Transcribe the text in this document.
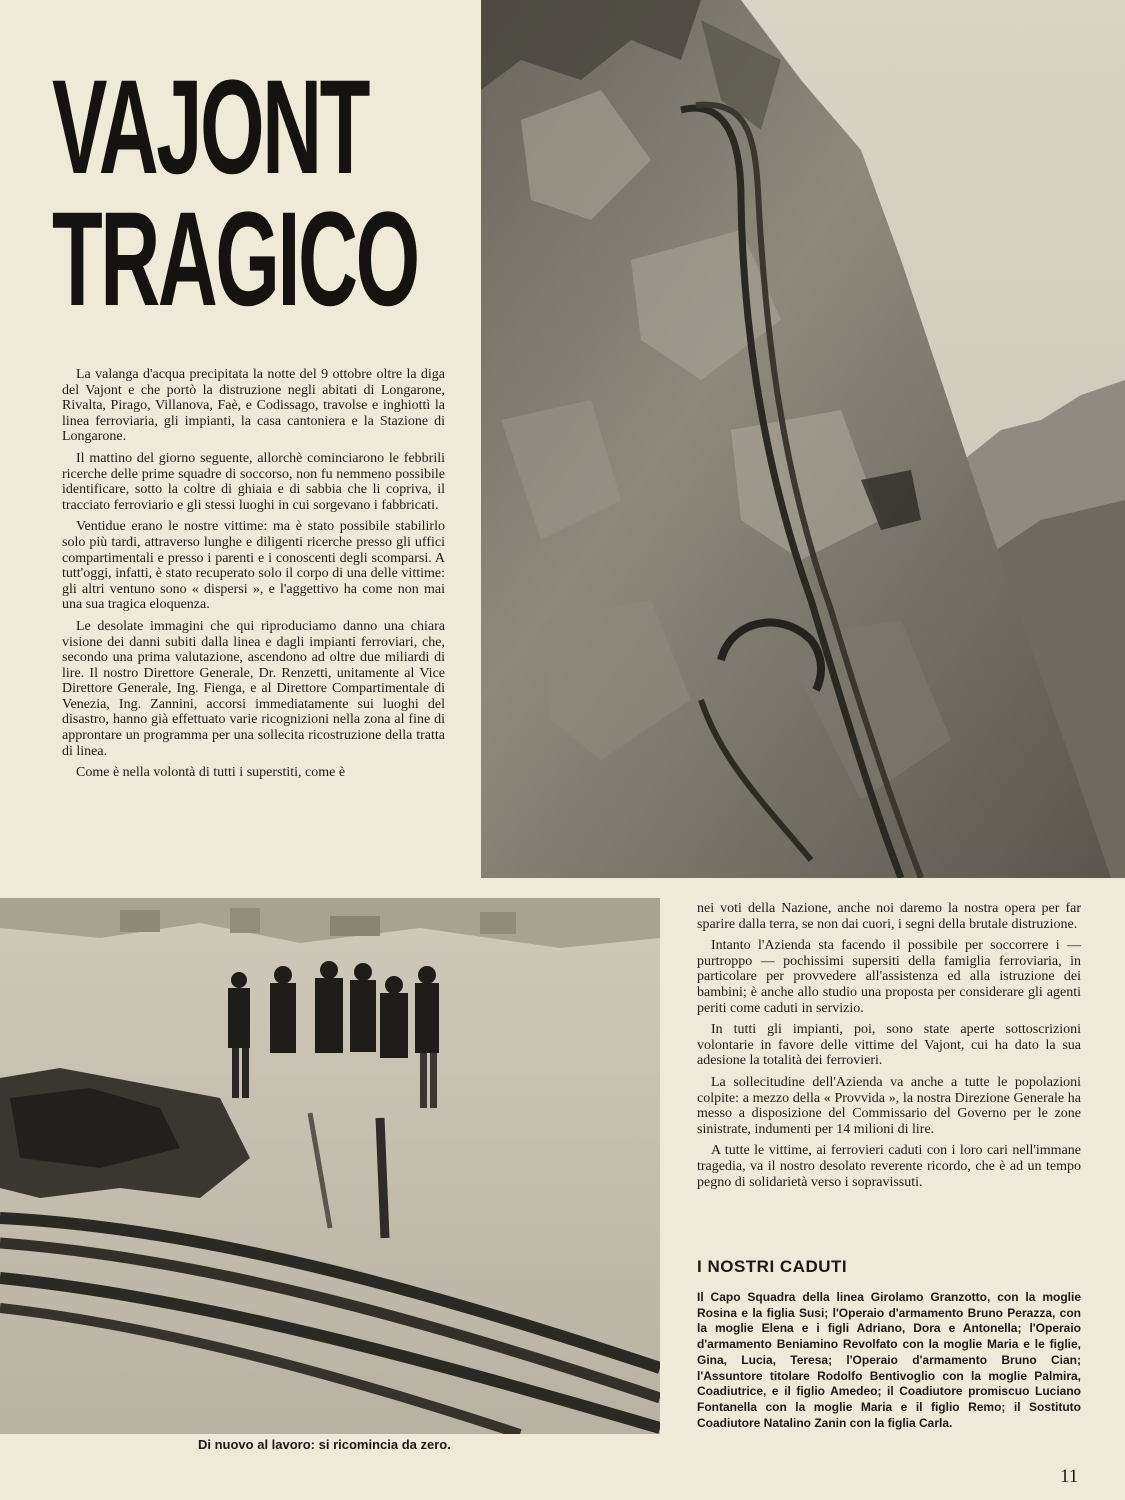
VAJONT
TRAGICO

La valanga d'acqua precipitata la notte del 9 ottobre oltre la diga del Vajont e che portò la distruzione negli abitati di Longarone, Rivalta, Pirago, Villanova, Faè, e Codissago, travolse e inghiottì la linea ferroviaria, gli impianti, la casa cantoniera e la Stazione di Longarone.

Il mattino del giorno seguente, allorchè cominciarono le febbrili ricerche delle prime squadre di soccorso, non fu nemmeno possibile identificare, sotto la coltre di ghiaia e di sabbia che li copriva, il tracciato ferroviario e gli stessi luoghi in cui sorgevano i fabbricati.

Ventidue erano le nostre vittime: ma è stato possibile stabilirlo solo più tardi, attraverso lunghe e diligenti ricerche presso gli uffici compartimentali e presso i parenti e i conoscenti degli scomparsi. A tutt'oggi, infatti, è stato recuperato solo il corpo di una delle vittime: gli altri ventuno sono « dispersi », e l'aggettivo ha come non mai una sua tragica eloquenza.

Le desolate immagini che qui riproduciamo danno una chiara visione dei danni subiti dalla linea e dagli impianti ferroviari, che, secondo una prima valutazione, ascendono ad oltre due miliardi di lire. Il nostro Direttore Generale, Dr. Renzetti, unitamente al Vice Direttore Generale, Ing. Fienga, e al Direttore Compartimentale di Venezia, Ing. Zannini, accorsi immediatamente sui luoghi del disastro, hanno già effettuato varie ricognizioni nella zona al fine di approntare un programma per una sollecita ricostruzione della tratta di linea.

Come è nella volontà di tutti i superstiti, come è

Di nuovo al lavoro: si ricomincia da zero.

nei voti della Nazione, anche noi daremo la nostra opera per far sparire dalla terra, se non dai cuori, i segni della brutale distruzione.

Intanto l'Azienda sta facendo il possibile per soccorrere i — purtroppo — pochissimi supersiti della famiglia ferroviaria, in particolare per provvedere all'assistenza ed alla istruzione dei bambini; è anche allo studio una proposta per considerare gli agenti periti come caduti in servizio.

In tutti gli impianti, poi, sono state aperte sottoscrizioni volontarie in favore delle vittime del Vajont, cui ha dato la sua adesione la totalità dei ferrovieri.

La sollecitudine dell'Azienda va anche a tutte le popolazioni colpite: a mezzo della « Provvida », la nostra Direzione Generale ha messo a disposizione del Commissario del Governo per le zone sinistrate, indumenti per 14 milioni di lire.

A tutte le vittime, ai ferrovieri caduti con i loro cari nell'immane tragedia, va il nostro desolato reverente ricordo, che è ad un tempo pegno di solidarietà verso i sopravissuti.

I NOSTRI CADUTI
Il Capo Squadra della linea Girolamo Granzotto, con la moglie Rosina e la figlia Susi; l'Operaio d'armamento Bruno Perazza, con la moglie Elena e i figli Adriano, Dora e Antonella; l'Operaio d'armamento Beniamino Revolfato con la moglie Maria e le figlie, Gina, Lucia, Teresa; l'Operaio d'armamento Bruno Cian; l'Assuntore titolare Rodolfo Bentivoglio con la moglie Palmira, Coadiutrice, e il figlio Amedeo; il Coadiutore promiscuo Luciano Fontanella con la moglie Maria e il figlio Remo; il Sostituto Coadiutore Natalino Zanin con la figlia Carla.
11
